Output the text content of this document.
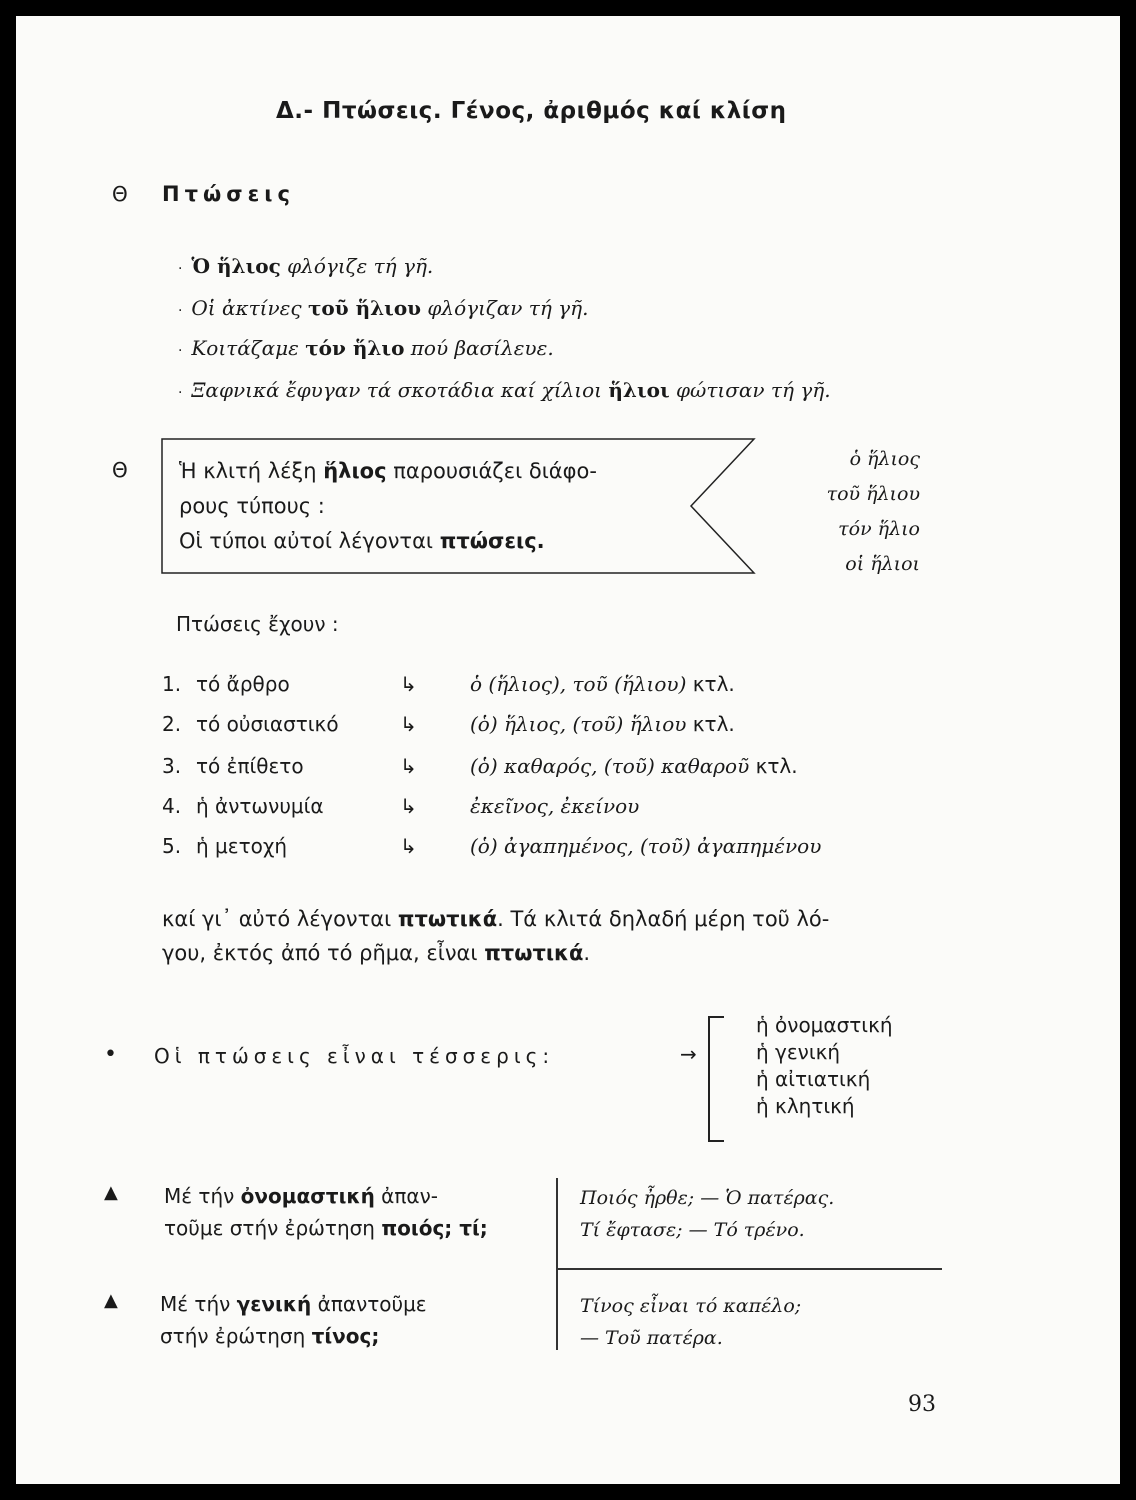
Δ.- Πτώσεις. Γένος, ἀριθμός καί κλίση
Θ Πτώσεις
·  Ὁ ἥλιος φλόγιζε τή γῆ.
·  Οἱ ἀκτίνες τοῦ ἥλιου φλόγιζαν τή γῆ.
·  Κοιτάζαμε τόν ἥλιο πού βασίλευε.
·  Ξαφνικά ἔφυγαν τά σκοτάδια καί χίλιοι ἥλιοι φώτισαν τή γῆ.
Θ Ἡ κλιτή λέξη ἥλιος παρουσιάζει διάφο-
ρους τύπους :
Οἱ τύποι αὐτοί λέγονται πτώσεις.
ὁ ἥλιος
τοῦ ἥλιου
τόν ἥλιο
οἱ ἥλιοι
Πτώσεις ἔχουν :
1. τό ἄρθρο	↳	ὁ (ἥλιος), τοῦ (ἥλιου) κτλ.
2. τό οὐσιαστικό	↳	(ὁ) ἥλιος, (τοῦ) ἥλιου κτλ.
3. τό ἐπίθετο	↳	(ὁ) καθαρός, (τοῦ) καθαροῦ κτλ.
4. ἡ ἀντωνυμία	↳	ἐκεῖνος, ἐκείνου
5. ἡ μετοχή	↳	(ὁ) ἀγαπημένος, (τοῦ) ἀγαπημένου
καί γι᾿ αὐτό λέγονται πτωτικά. Τά κλιτά δηλαδή μέρη τοῦ λό-
γου, ἐκτός ἀπό τό ρῆμα, εἶναι πτωτικά.
• Οἱ πτώσεις εἶναι τέσσερις:	→
ἡ ὀνομαστική
ἡ γενική
ἡ αἰτιατική
ἡ κλητική
▲ Μέ τήν ὀνομαστική ἀπαν-
τοῦμε στήν ἐρώτηση ποιός; τί;
Ποιός ἦρθε; — Ὁ πατέρας.
Τί ἔφτασε; — Τό τρένο.
▲ Μέ τήν γενική ἀπαντοῦμε
στήν ἐρώτηση τίνος;
Τίνος εἶναι τό καπέλο;
— Τοῦ πατέρα.
93
